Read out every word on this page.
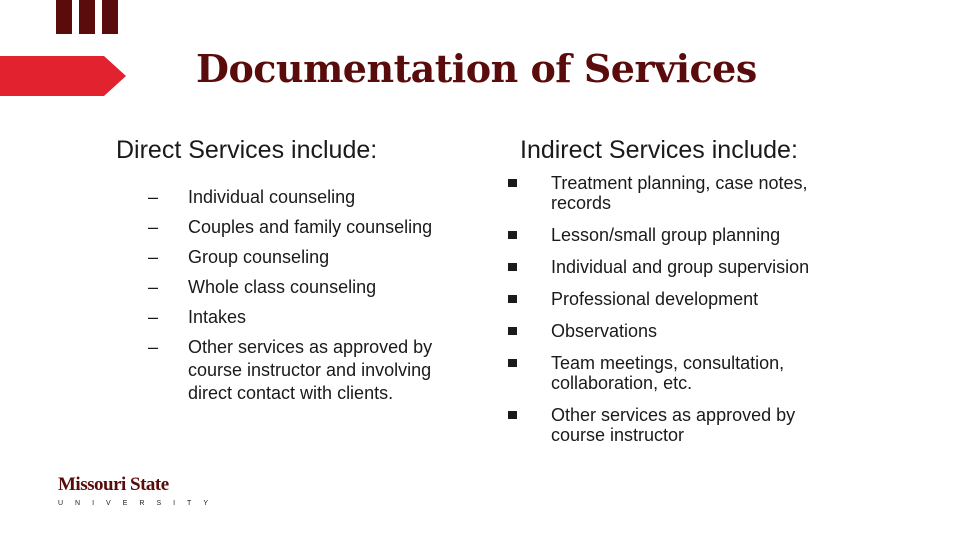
Documentation of Services
Direct Services include:
– Individual counseling
– Couples and family counseling
– Group counseling
– Whole class counseling
– Intakes
– Other services as approved by course instructor and involving direct contact with clients.
Indirect Services include:
Treatment planning, case notes, records
Lesson/small group planning
Individual and group supervision
Professional development
Observations
Team meetings, consultation, collaboration, etc.
Other services as approved by course instructor
Missouri State
UNIVERSITY
